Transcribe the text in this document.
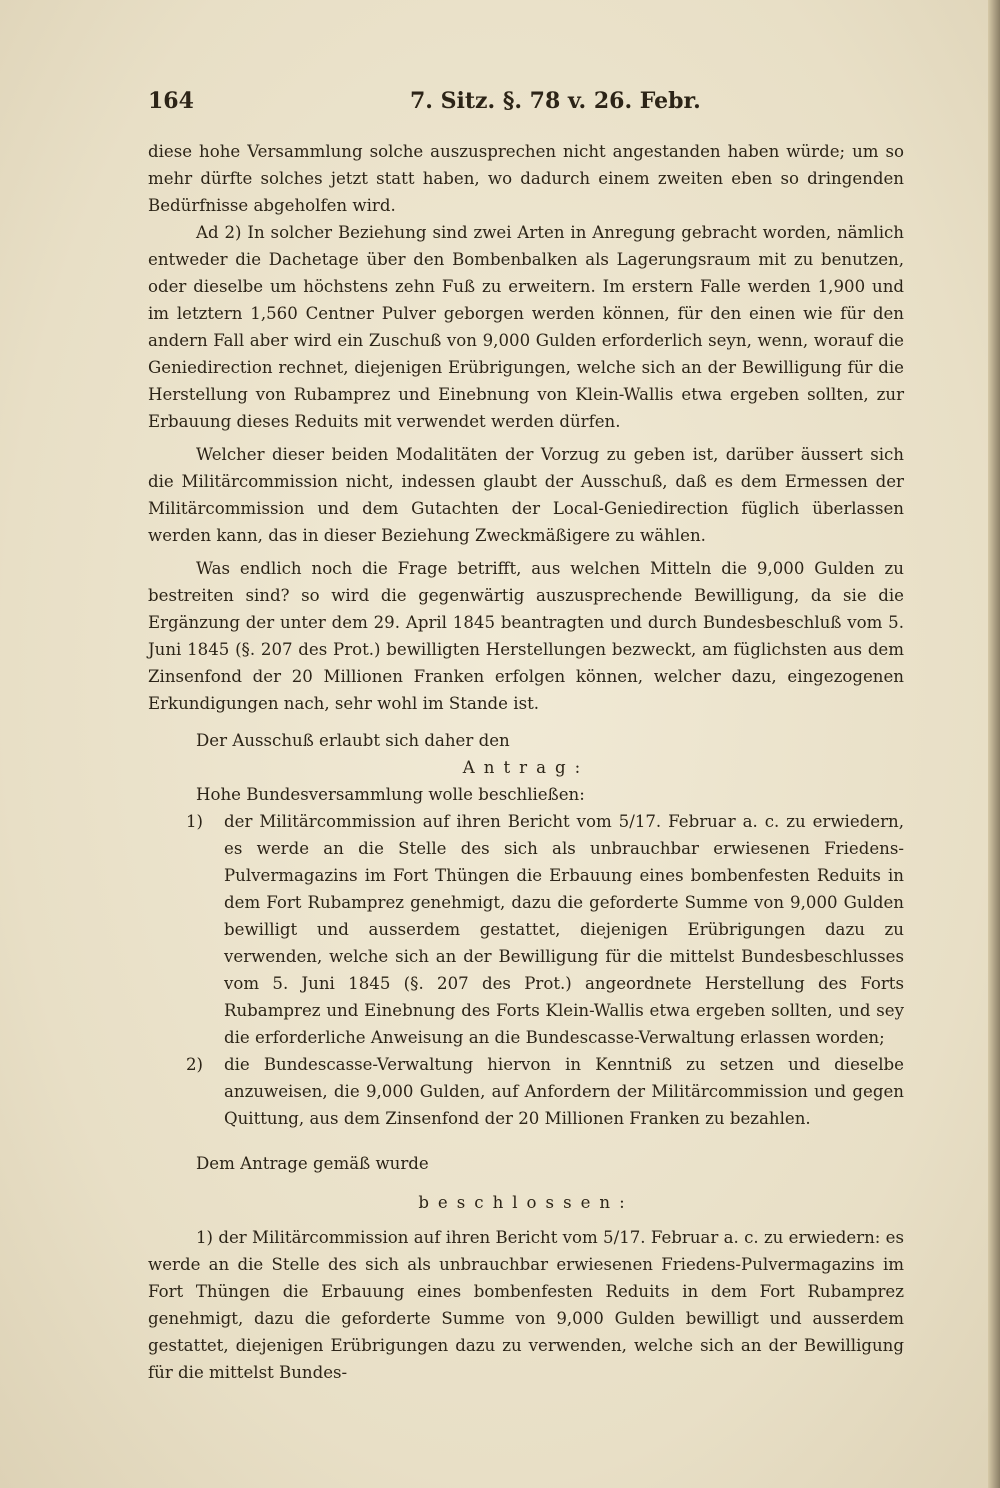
164	7. Sitz. §. 78 v. 26. Febr.

diese hohe Versammlung solche auszusprechen nicht angestanden haben würde; um so mehr dürfte solches jetzt statt haben, wo dadurch einem zweiten eben so dringenden Bedürfnisse abgeholfen wird.

Ad 2) In solcher Beziehung sind zwei Arten in Anregung gebracht worden, nämlich entweder die Dachetage über den Bombenbalken als Lagerungsraum mit zu benutzen, oder dieselbe um höchstens zehn Fuß zu erweitern. Im erstern Falle werden 1,900 und im letztern 1,560 Centner Pulver geborgen werden können, für den einen wie für den andern Fall aber wird ein Zuschuß von 9,000 Gulden erforderlich seyn, wenn, worauf die Geniedirection rechnet, diejenigen Erübrigungen, welche sich an der Bewilligung für die Herstellung von Rubamprez und Einebnung von Klein-Wallis etwa ergeben sollten, zur Erbauung dieses Reduits mit verwendet werden dürfen.

Welcher dieser beiden Modalitäten der Vorzug zu geben ist, darüber äussert sich die Militärcommission nicht, indessen glaubt der Ausschuß, daß es dem Ermessen der Militärcommission und dem Gutachten der Local-Geniedirection füglich überlassen werden kann, das in dieser Beziehung Zweckmäßigere zu wählen.

Was endlich noch die Frage betrifft, aus welchen Mitteln die 9,000 Gulden zu bestreiten sind? so wird die gegenwärtig auszusprechende Bewilligung, da sie die Ergänzung der unter dem 29. April 1845 beantragten und durch Bundesbeschluß vom 5. Juni 1845 (§. 207 des Prot.) bewilligten Herstellungen bezweckt, am füglichsten aus dem Zinsenfond der 20 Millionen Franken erfolgen können, welcher dazu, eingezogenen Erkundigungen nach, sehr wohl im Stande ist.

Der Ausschuß erlaubt sich daher den

Antrag:

Hohe Bundesversammlung wolle beschließen:

1)	der Militärcommission auf ihren Bericht vom 5/17. Februar a. c. zu erwiedern, es werde an die Stelle des sich als unbrauchbar erwiesenen Friedens-Pulvermagazins im Fort Thüngen die Erbauung eines bombenfesten Reduits in dem Fort Rubamprez genehmigt, dazu die geforderte Summe von 9,000 Gulden bewilligt und ausserdem gestattet, diejenigen Erübrigungen dazu zu verwenden, welche sich an der Bewilligung für die mittelst Bundesbeschlusses vom 5. Juni 1845 (§. 207 des Prot.) angeordnete Herstellung des Forts Rubamprez und Einebnung des Forts Klein-Wallis etwa ergeben sollten, und sey die erforderliche Anweisung an die Bundescasse-Verwaltung erlassen worden;
2)	die Bundescasse-Verwaltung hiervon in Kenntniß zu setzen und dieselbe anzuweisen, die 9,000 Gulden, auf Anfordern der Militärcommission und gegen Quittung, aus dem Zinsenfond der 20 Millionen Franken zu bezahlen.

Dem Antrage gemäß wurde

beschlossen:

1) der Militärcommission auf ihren Bericht vom 5/17. Februar a. c. zu erwiedern: es werde an die Stelle des sich als unbrauchbar erwiesenen Friedens-Pulvermagazins im Fort Thüngen die Erbauung eines bombenfesten Reduits in dem Fort Rubamprez genehmigt, dazu die geforderte Summe von 9,000 Gulden bewilligt und ausserdem gestattet, diejenigen Erübrigungen dazu zu verwenden, welche sich an der Bewilligung für die mittelst Bundes-
